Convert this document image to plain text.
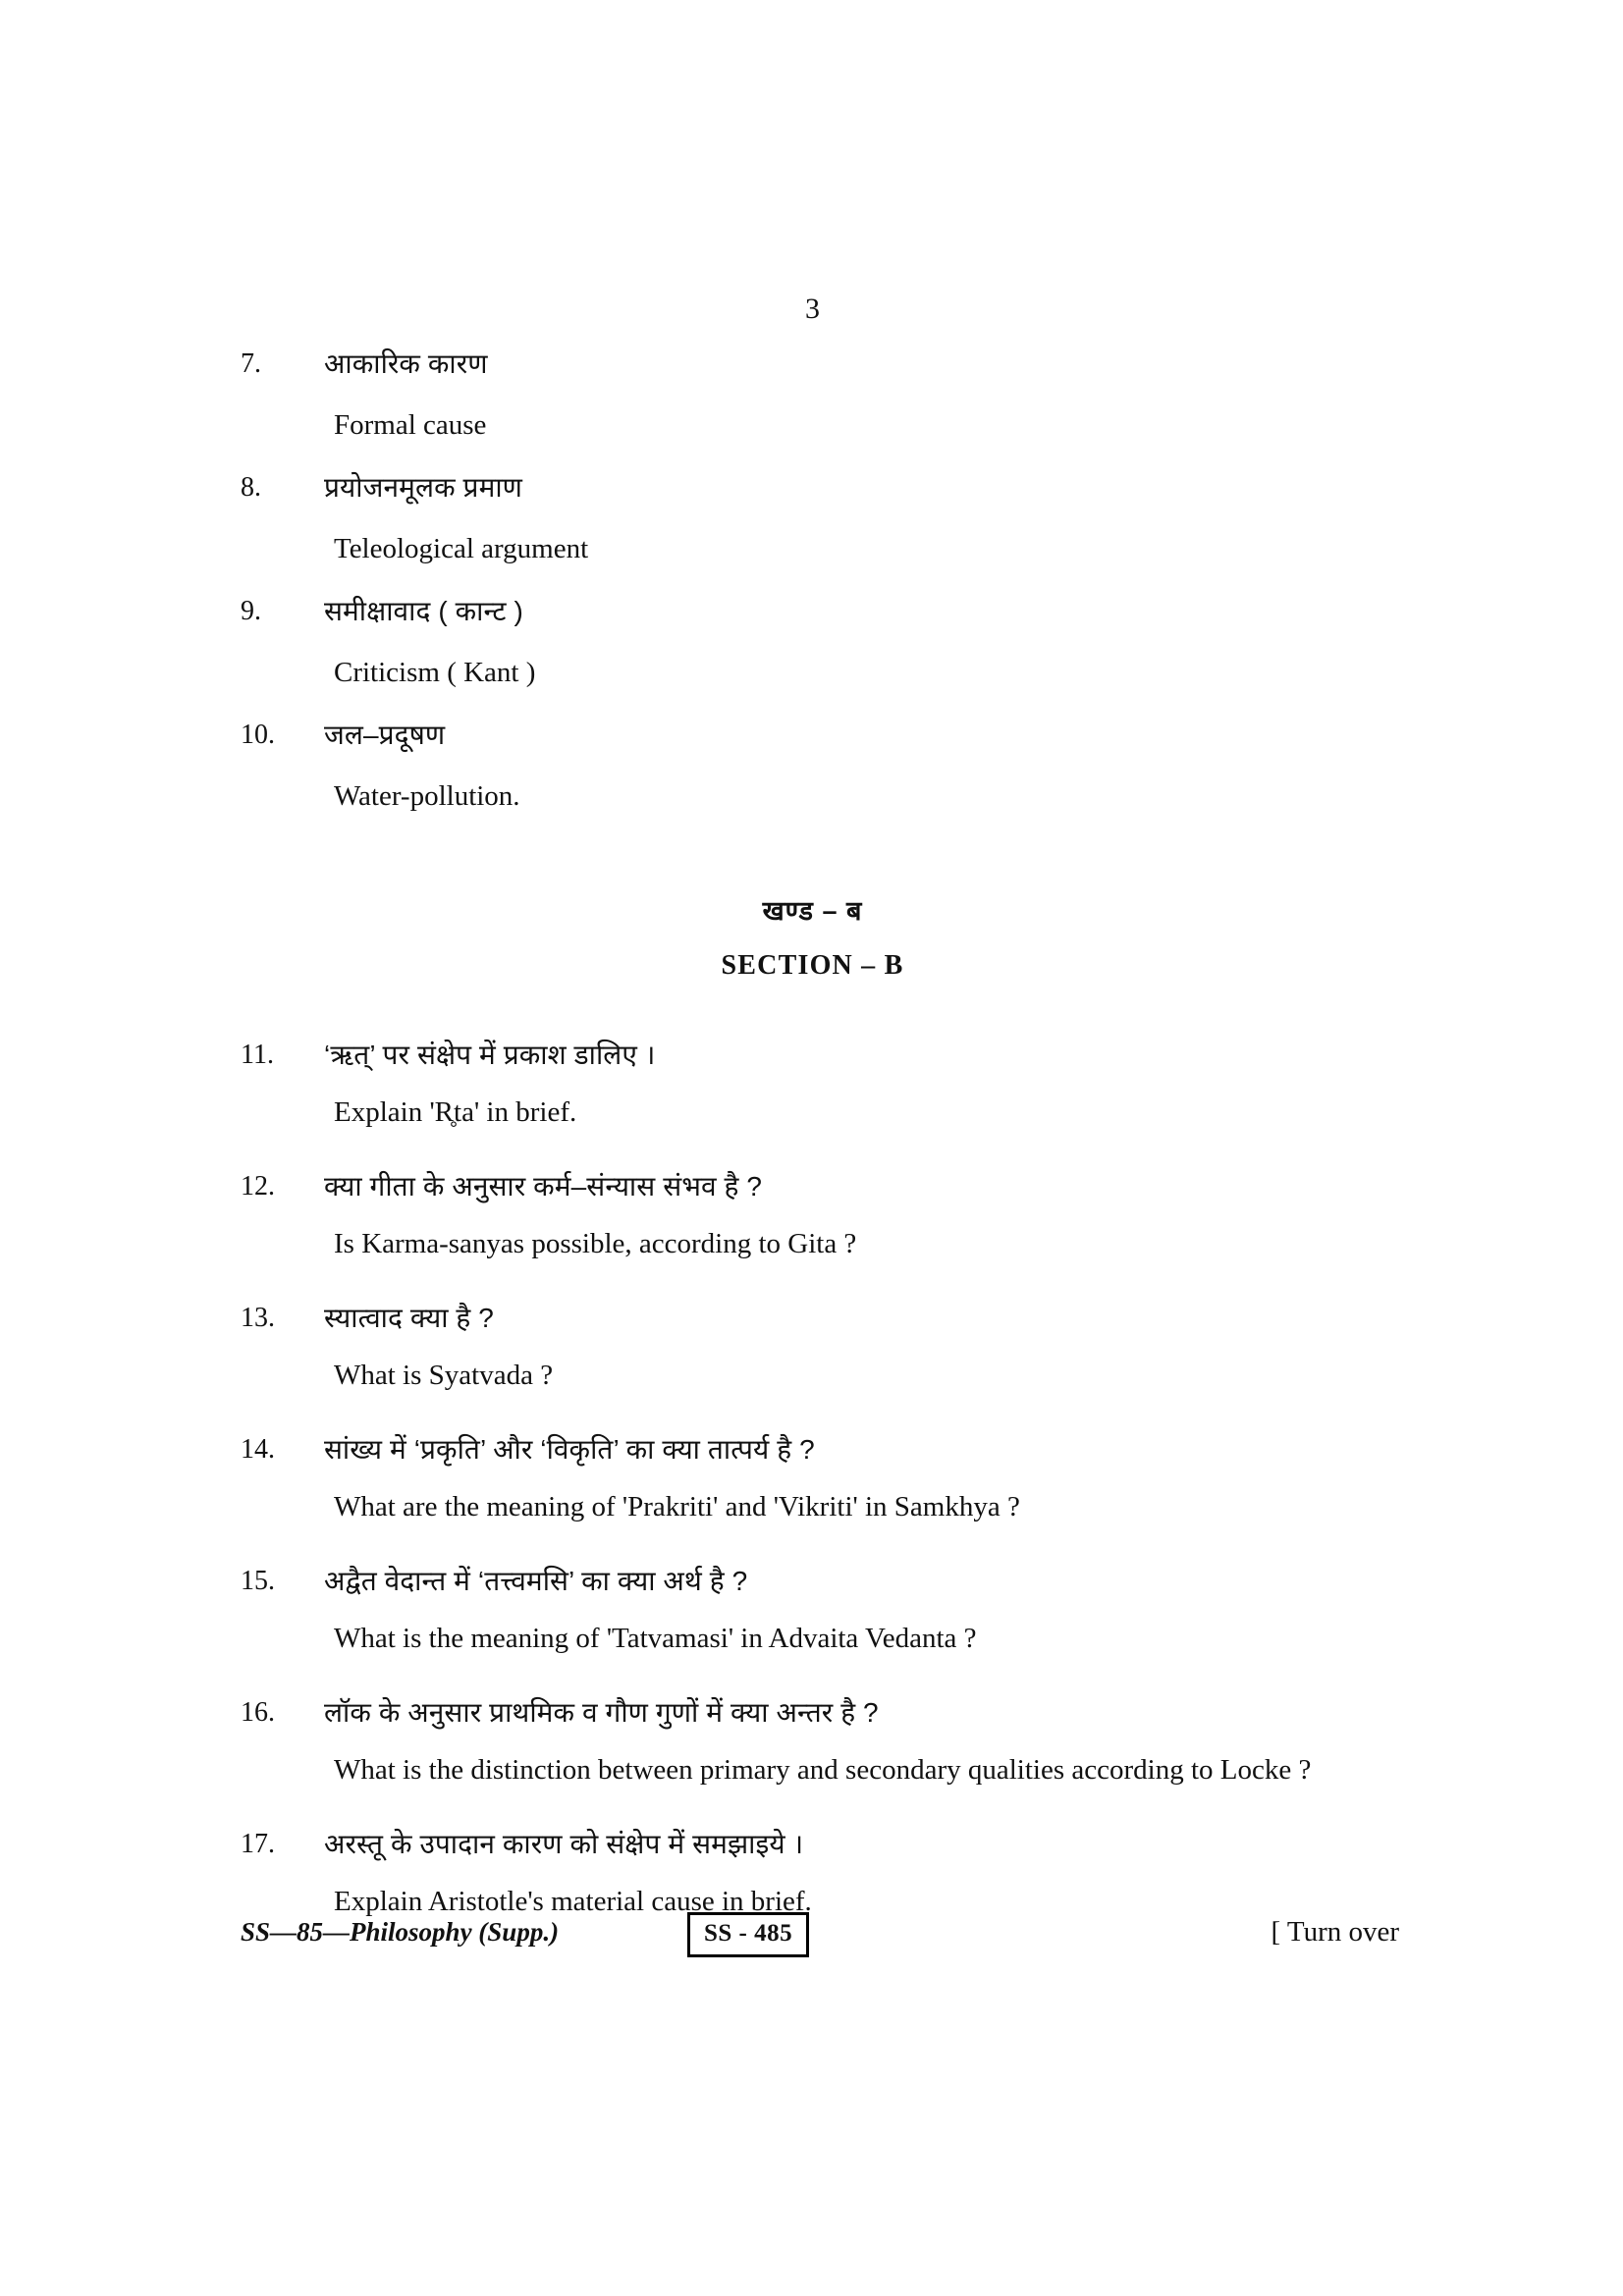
3
7.	आकारिक कारण
Formal cause
8.	प्रयोजनमूलक प्रमाण
Teleological argument
9.	समीक्षावाद ( कान्ट )
Criticism ( Kant )
10.	जल–प्रदूषण
Water-pollution.
खण्ड – ब
SECTION – B
11.	‘ऋत्’ पर संक्षेप में प्रकाश डालिए ।
Explain 'R̥ta' in brief.
12.	क्या गीता के अनुसार कर्म–संन्यास संभव है ?
Is Karma-sanyas possible, according to Gita ?
13.	स्यात्वाद क्या है ?
What is Syatvada ?
14.	सांख्य में ‘प्रकृति’ और ‘विकृति’ का क्या तात्पर्य है ?
What are the meaning of 'Prakriti' and 'Vikriti' in Samkhya ?
15.	अद्वैत वेदान्त में ‘तत्त्वमसि’ का क्या अर्थ है ?
What is the meaning of 'Tatvamasi' in Advaita Vedanta ?
16.	लॉक के अनुसार प्राथमिक व गौण गुणों में क्या अन्तर है ?
What is the distinction between primary and secondary qualities according to Locke ?
17.	अरस्तू के उपादान कारण को संक्षेप में समझाइये ।
Explain Aristotle's material cause in brief.
SS—85—Philosophy (Supp.)	SS - 485	[ Turn over
